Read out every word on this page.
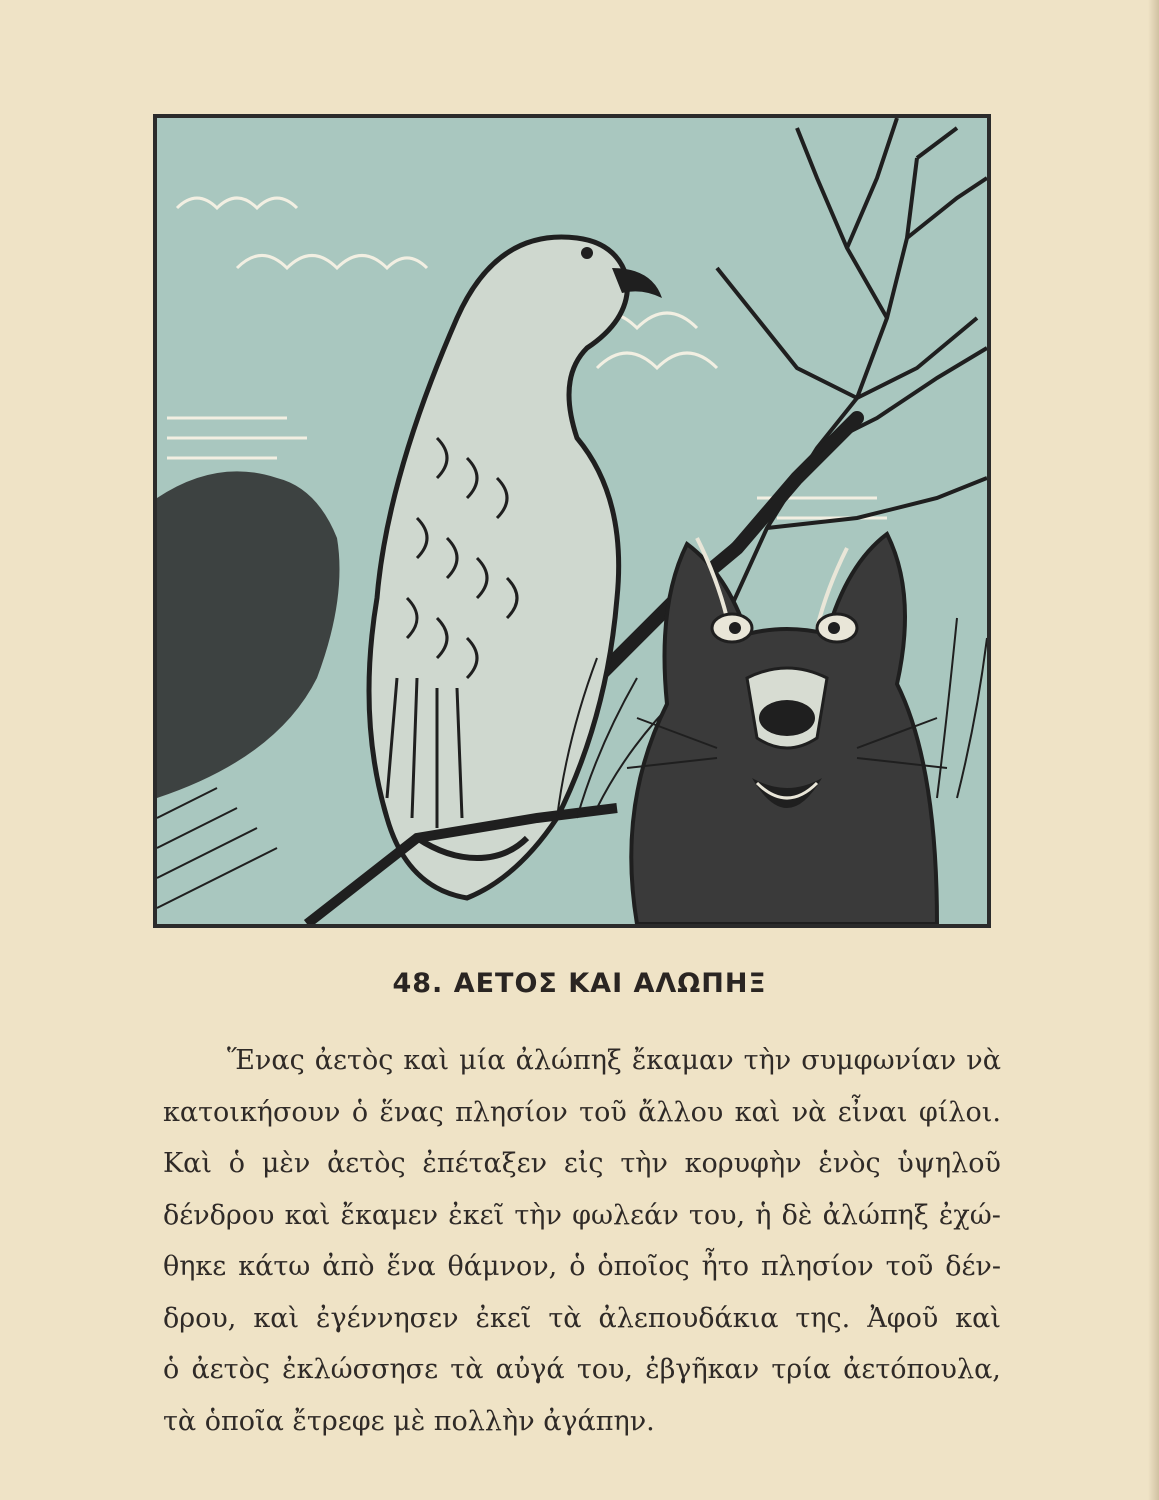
48. ΑΕΤΟΣ ΚΑΙ ΑΛΩΠΗΞ
Ἕνας ἀετὸς καὶ μία ἀλώπηξ ἔκαμαν τὴν συμφωνίαν νὰ
κατοικήσουν ὁ ἕνας πλησίον τοῦ ἄλλου καὶ νὰ εἶναι φίλοι.
Καὶ ὁ μὲν ἀετὸς ἐπέταξεν εἰς τὴν κορυφὴν ἑνὸς ὑψηλοῦ
δένδρου καὶ ἔκαμεν ἐκεῖ τὴν φωλεάν του, ἡ δὲ ἀλώπηξ ἐχώ-
θηκε κάτω ἀπὸ ἕνα θάμνον, ὁ ὁποῖος ἦτο πλησίον τοῦ δέν-
δρου, καὶ ἐγέννησεν ἐκεῖ τὰ ἀλεπουδάκια της. Ἀφοῦ καὶ
ὁ ἀετὸς ἐκλώσσησε τὰ αὐγά του, ἐβγῆκαν τρία ἀετόπουλα,
τὰ ὁποῖα ἔτρεφε μὲ πολλὴν ἀγάπην.
